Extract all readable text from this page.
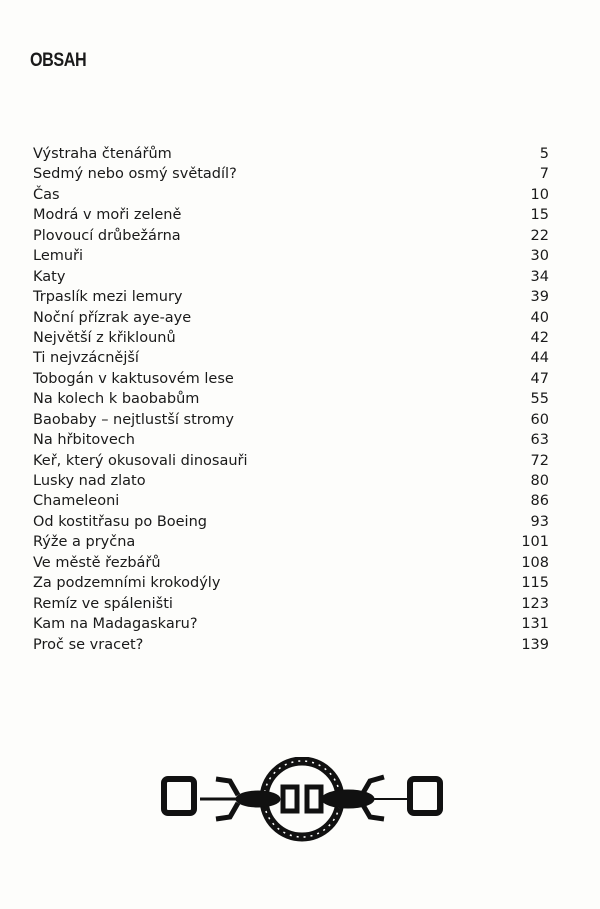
OBSAH
Výstraha čtenářům	5
Sedmý nebo osmý světadíl?	7
Čas	10
Modrá v moři zeleně	15
Plovoucí drůbežárna	22
Lemuři	30
Katy	34
Trpaslík mezi lemury	39
Noční přízrak aye-aye	40
Největší z křiklounů	42
Ti nejvzácnější	44
Tobogán v kaktusovém lese	47
Na kolech k baobabům	55
Baobaby – nejtlustší stromy	60
Na hřbitovech	63
Keř, který okusovali dinosauři	72
Lusky nad zlato	80
Chameleoni	86
Od kostitřasu po Boeing	93
Rýže a pryčna	101
Ve městě řezbářů	108
Za podzemními krokodýly	115
Remíz ve spáleništi	123
Kam na Madagaskaru?	131
Proč se vracet?	139
